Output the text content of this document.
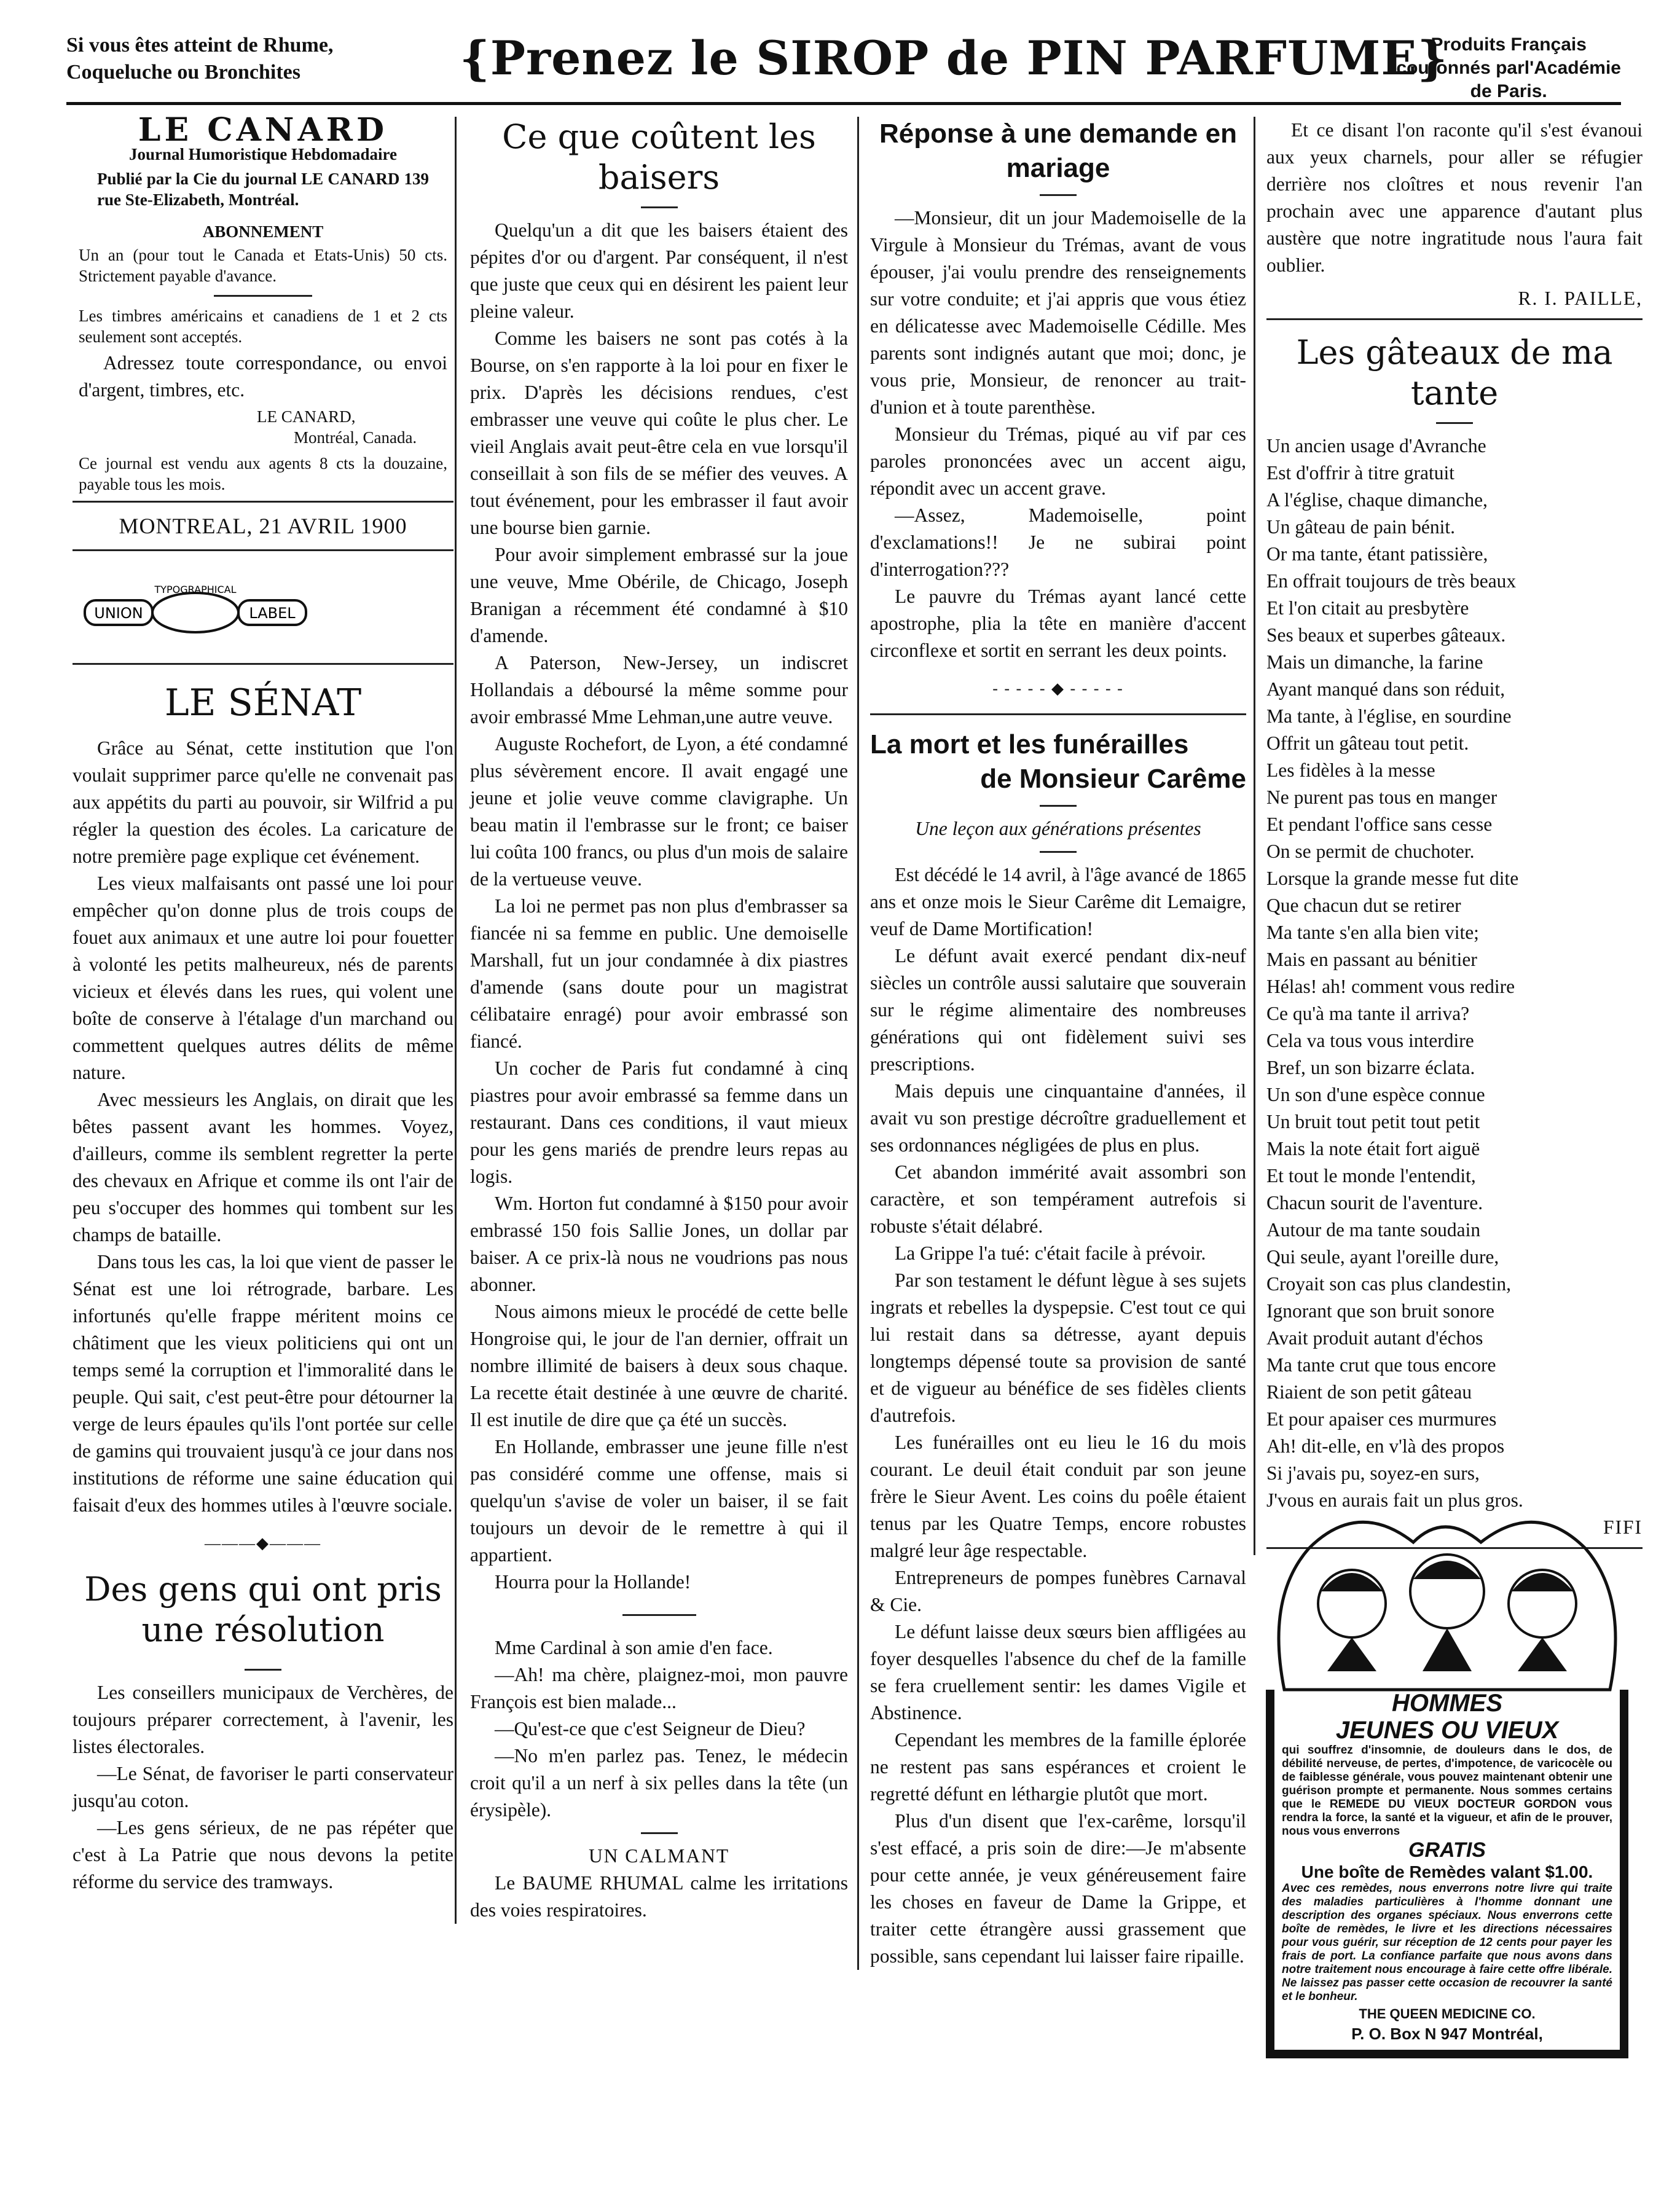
Si vous êtes atteint de Rhume,
Coqueluche ou Bronchites	{Prenez le SIROP de PIN PARFUME}
Produits Français
couronnés parl'Académie
de Paris.
LE CANARD
Journal Humoristique Hebdomadaire
Publié par la Cie du journal LE CANARD 139 rue Ste-Elizabeth, Montréal.
ABONNEMENT
Un an (pour tout le Canada et Etats-Unis) 50 cts. Strictement payable d'avance.
Les timbres américains et canadiens de 1 et 2 cts seulement sont acceptés.

Adressez toute correspondance, ou envoi d'argent, timbres, etc.

LE CANARD,
Montréal, Canada.
Ce journal est vendu aux agents 8 cts la douzaine, payable tous les mois.
MONTREAL, 21 AVRIL 1900
TYPOGRAPHICAL
UNION	LABEL
LE SÉNAT

Grâce au Sénat, cette institution que l'on voulait supprimer parce qu'elle ne convenait pas aux appétits du parti au pouvoir, sir Wilfrid a pu régler la question des écoles. La caricature de notre première page explique cet événement.

Les vieux malfaisants ont passé une loi pour empêcher qu'on donne plus de trois coups de fouet aux animaux et une autre loi pour fouetter à volonté les petits malheureux, nés de parents vicieux et élevés dans les rues, qui volent une boîte de conserve à l'étalage d'un marchand ou commettent quelques autres délits de même nature.

Avec messieurs les Anglais, on dirait que les bêtes passent avant les hommes. Voyez, d'ailleurs, comme ils semblent regretter la perte des chevaux en Afrique et comme ils ont l'air de peu s'occuper des hommes qui tombent sur les champs de bataille.

Dans tous les cas, la loi que vient de passer le Sénat est une loi rétrograde, barbare. Les infortunés qu'elle frappe méritent moins ce châtiment que les vieux politiciens qui ont un temps semé la corruption et l'immoralité dans le peuple. Qui sait, c'est peut-être pour détourner la verge de leurs épaules qu'ils l'ont portée sur celle de gamins qui trouvaient jusqu'à ce jour dans nos institutions de réforme une saine éducation qui faisait d'eux des hommes utiles à l'œuvre sociale.

———◆———
Des gens qui ont pris une résolution

Les conseillers municipaux de Verchères, de toujours préparer correctement, à l'avenir, les listes électorales.

—Le Sénat, de favoriser le parti conservateur jusqu'au coton.

—Les gens sérieux, de ne pas répéter que c'est à La Patrie que nous devons la petite réforme du service des tramways.

Ce que coûtent les baisers

Quelqu'un a dit que les baisers étaient des pépites d'or ou d'argent. Par conséquent, il n'est que juste que ceux qui en désirent les paient leur pleine valeur.

Comme les baisers ne sont pas cotés à la Bourse, on s'en rapporte à la loi pour en fixer le prix. D'après les décisions rendues, c'est embrasser une veuve qui coûte le plus cher. Le vieil Anglais avait peut-être cela en vue lorsqu'il conseillait à son fils de se méfier des veuves. A tout événement, pour les embrasser il faut avoir une bourse bien garnie.

Pour avoir simplement embrassé sur la joue une veuve, Mme Obérile, de Chicago, Joseph Branigan a récemment été condamné à $10 d'amende.

A Paterson, New-Jersey, un indiscret Hollandais a déboursé la même somme pour avoir embrassé Mme Lehman,une autre veuve.

Auguste Rochefort, de Lyon, a été condamné plus sévèrement encore. Il avait engagé une jeune et jolie veuve comme clavigraphe. Un beau matin il l'embrasse sur le front; ce baiser lui coûta 100 francs, ou plus d'un mois de salaire de la vertueuse veuve.

La loi ne permet pas non plus d'embrasser sa fiancée ni sa femme en public. Une demoiselle Marshall, fut un jour condamnée à dix piastres d'amende (sans doute pour un magistrat célibataire enragé) pour avoir embrassé son fiancé.

Un cocher de Paris fut condamné à cinq piastres pour avoir embrassé sa femme dans un restaurant. Dans ces conditions, il vaut mieux pour les gens mariés de prendre leurs repas au logis.

Wm. Horton fut condamné à $150 pour avoir embrassé 150 fois Sallie Jones, un dollar par baiser. A ce prix-là nous ne voudrions pas nous abonner.

Nous aimons mieux le procédé de cette belle Hongroise qui, le jour de l'an dernier, offrait un nombre illimité de baisers à deux sous chaque. La recette était destinée à une œuvre de charité. Il est inutile de dire que ça été un succès.

En Hollande, embrasser une jeune fille n'est pas considéré comme une offense, mais si quelqu'un s'avise de voler un baiser, il se fait toujours un devoir de le remettre à qui il appartient.

Hourra pour la Hollande!

Mme Cardinal à son amie d'en face.

—Ah! ma chère, plaignez-moi, mon pauvre François est bien malade...

—Qu'est-ce que c'est Seigneur de Dieu?

—No m'en parlez pas. Tenez, le médecin croit qu'il a un nerf à six pelles dans la tête (un érysipèle).

UN CALMANT

Le BAUME RHUMAL calme les irritations des voies respiratoires.

Réponse à une demande en mariage

—Monsieur, dit un jour Mademoiselle de la Virgule à Monsieur du Trémas, avant de vous épouser, j'ai voulu prendre des renseignements sur votre conduite; et j'ai appris que vous étiez en délicatesse avec Mademoiselle Cédille. Mes parents sont indignés autant que moi; donc, je vous prie, Monsieur, de renoncer au trait-d'union et à toute parenthèse.

Monsieur du Trémas, piqué au vif par ces paroles prononcées avec un accent aigu, répondit avec un accent grave.

—Assez, Mademoiselle, point d'exclamations!! Je ne subirai point d'interrogation???

Le pauvre du Trémas ayant lancé cette apostrophe, plia la tête en manière d'accent circonflexe et sortit en serrant les deux points.

- - - - - ◆ - - - - -
La mort et les funérailles
de Monsieur Carême
Une leçon aux générations présentes

Est décédé le 14 avril, à l'âge avancé de 1865 ans et onze mois le Sieur Carême dit Lemaigre, veuf de Dame Mortification!

Le défunt avait exercé pendant dix-neuf siècles un contrôle aussi salutaire que souverain sur le régime alimentaire des nombreuses générations qui ont fidèlement suivi ses prescriptions.

Mais depuis une cinquantaine d'années, il avait vu son prestige décroître graduellement et ses ordonnances négligées de plus en plus.

Cet abandon immérité avait assombri son caractère, et son tempérament autrefois si robuste s'était délabré.

La Grippe l'a tué: c'était facile à prévoir.

Par son testament le défunt lègue à ses sujets ingrats et rebelles la dyspepsie. C'est tout ce qui lui restait dans sa détresse, ayant depuis longtemps dépensé toute sa provision de santé et de vigueur au bénéfice de ses fidèles clients d'autrefois.

Les funérailles ont eu lieu le 16 du mois courant. Le deuil était conduit par son jeune frère le Sieur Avent. Les coins du poêle étaient tenus par les Quatre Temps, encore robustes malgré leur âge respectable.

Entrepreneurs de pompes funèbres Carnaval & Cie.

Le défunt laisse deux sœurs bien affligées au foyer desquelles l'absence du chef de la famille se fera cruellement sentir: les dames Vigile et Abstinence.

Cependant les membres de la famille éplorée ne restent pas sans espérances et croient le regretté défunt en léthargie plutôt que mort.

Plus d'un disent que l'ex-carême, lorsqu'il s'est effacé, a pris soin de dire:—Je m'absente pour cette année, je veux généreusement faire les choses en faveur de Dame la Grippe, et traiter cette étrangère aussi grassement que possible, sans cependant lui laisser faire ripaille.

Et ce disant l'on raconte qu'il s'est évanoui aux yeux charnels, pour aller se réfugier derrière nos cloîtres et nous revenir l'an prochain avec une apparence d'autant plus austère que notre ingratitude nous l'aura fait oublier.

R. I. PAILLE,
Les gâteaux de ma tante
Un ancien usage d'Avranche
Est d'offrir à titre gratuit
A l'église, chaque dimanche,
Un gâteau de pain bénit.
Or ma tante, étant patissière,
En offrait toujours de très beaux
Et l'on citait au presbytère
Ses beaux et superbes gâteaux.
Mais un dimanche, la farine
Ayant manqué dans son réduit,
Ma tante, à l'église, en sourdine
Offrit un gâteau tout petit.
Les fidèles à la messe
Ne purent pas tous en manger
Et pendant l'office sans cesse
On se permit de chuchoter.
Lorsque la grande messe fut dite
Que chacun dut se retirer
Ma tante s'en alla bien vite;
Mais en passant au bénitier
Hélas! ah! comment vous redire
Ce qu'à ma tante il arriva?
Cela va tous vous interdire
Bref, un son bizarre éclata.
Un son d'une espèce connue
Un bruit tout petit tout petit
Mais la note était fort aiguë
Et tout le monde l'entendit,
Chacun sourit de l'aventure.
Autour de ma tante soudain
Qui seule, ayant l'oreille dure,
Croyait son cas plus clandestin,
Ignorant que son bruit sonore
Avait produit autant d'échos
Ma tante crut que tous encore
Riaient de son petit gâteau
Et pour apaiser ces murmures
Ah! dit-elle, en v'là des propos
Si j'avais pu, soyez-en surs,
J'vous en aurais fait un plus gros.
FIFI
HOMMES
JEUNES OU VIEUX
qui souffrez d'insomnie, de douleurs dans le dos, de débilité nerveuse, de pertes, d'impotence, de varicocèle ou de faiblesse générale, vous pouvez maintenant obtenir une guérison prompte et permanente. Nous sommes certains que le REMEDE DU VIEUX DOCTEUR GORDON vous rendra la force, la santé et la vigueur, et afin de le prouver, nous vous enverrons
GRATIS
Une boîte de Remèdes valant $1.00.
Avec ces remèdes, nous enverrons notre livre qui traite des maladies particulières à l'homme donnant une description des organes spéciaux. Nous enverrons cette boîte de remèdes, le livre et les directions nécessaires pour vous guérir, sur réception de 12 cents pour payer les frais de port. La confiance parfaite que nous avons dans notre traitement nous encourage à faire cette offre libérale. Ne laissez pas passer cette occasion de recouvrer la santé et le bonheur.
THE QUEEN MEDICINE CO.
P. O. Box N 947 Montréal,
